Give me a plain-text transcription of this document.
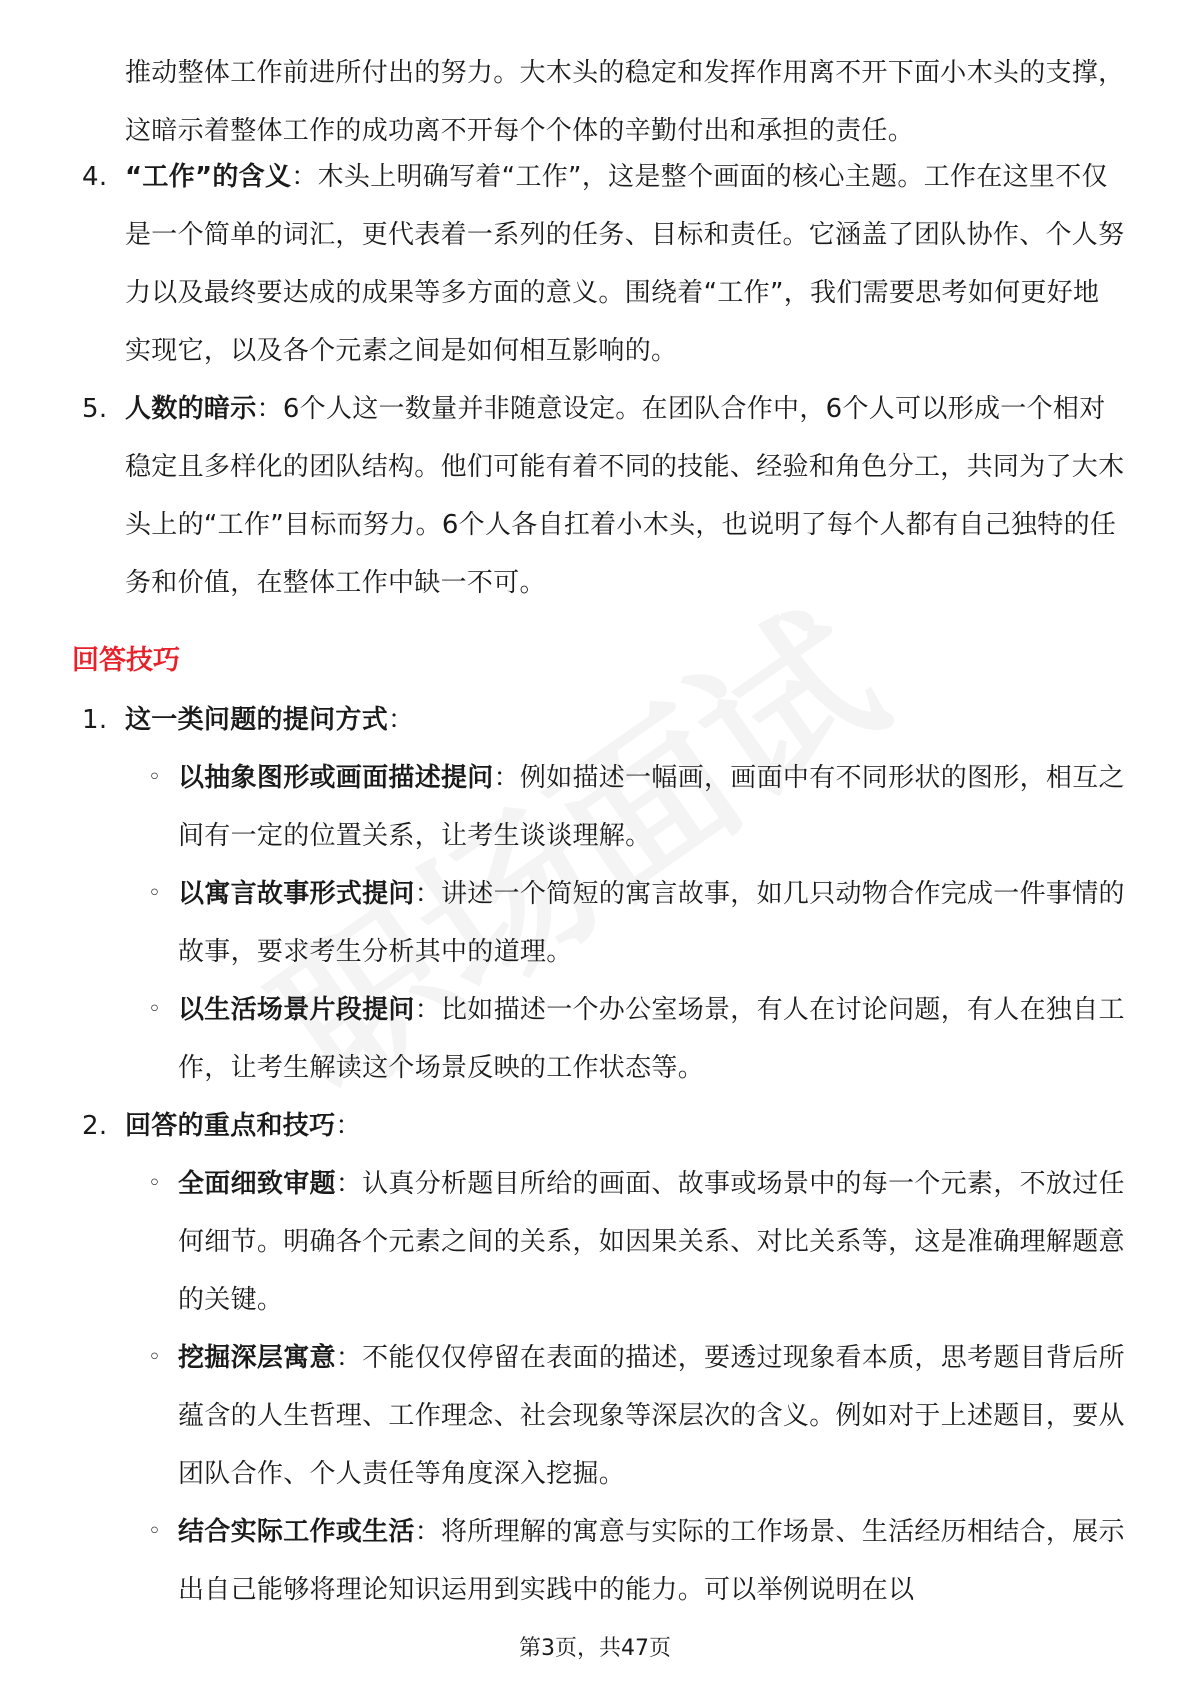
推动整体工作前进所付出的努力。大木头的稳定和发挥作用离不开下面小木头的支撑，这暗示着整体工作的成功离不开每个个体的辛勤付出和承担的责任。

4. “工作”的含义：木头上明确写着“工作”，这是整个画面的核心主题。工作在这里不仅是一个简单的词汇，更代表着一系列的任务、目标和责任。它涵盖了团队协作、个人努力以及最终要达成的成果等多方面的意义。围绕着“工作”，我们需要思考如何更好地实现它，以及各个元素之间是如何相互影响的。
5. 人数的暗示：6个人这一数量并非随意设定。在团队合作中，6个人可以形成一个相对稳定且多样化的团队结构。他们可能有着不同的技能、经验和角色分工，共同为了大木头上的“工作”目标而努力。6个人各自扛着小木头，也说明了每个人都有自己独特的任务和价值，在整体工作中缺一不可。
回答技巧
1. 这一类问题的提问方式：
◦ 以抽象图形或画面描述提问：例如描述一幅画，画面中有不同形状的图形，相互之间有一定的位置关系，让考生谈谈理解。
◦ 以寓言故事形式提问：讲述一个简短的寓言故事，如几只动物合作完成一件事情的故事，要求考生分析其中的道理。
◦ 以生活场景片段提问：比如描述一个办公室场景，有人在讨论问题，有人在独自工作，让考生解读这个场景反映的工作状态等。
2. 回答的重点和技巧：
◦ 全面细致审题：认真分析题目所给的画面、故事或场景中的每一个元素，不放过任何细节。明确各个元素之间的关系，如因果关系、对比关系等，这是准确理解题意的关键。
◦ 挖掘深层寓意：不能仅仅停留在表面的描述，要透过现象看本质，思考题目背后所蕴含的人生哲理、工作理念、社会现象等深层次的含义。例如对于上述题目，要从团队合作、个人责任等角度深入挖掘。
◦ 结合实际工作或生活：将所理解的寓意与实际的工作场景、生活经历相结合，展示出自己能够将理论知识运用到实践中的能力。可以举例说明在以
第3页，共47页
